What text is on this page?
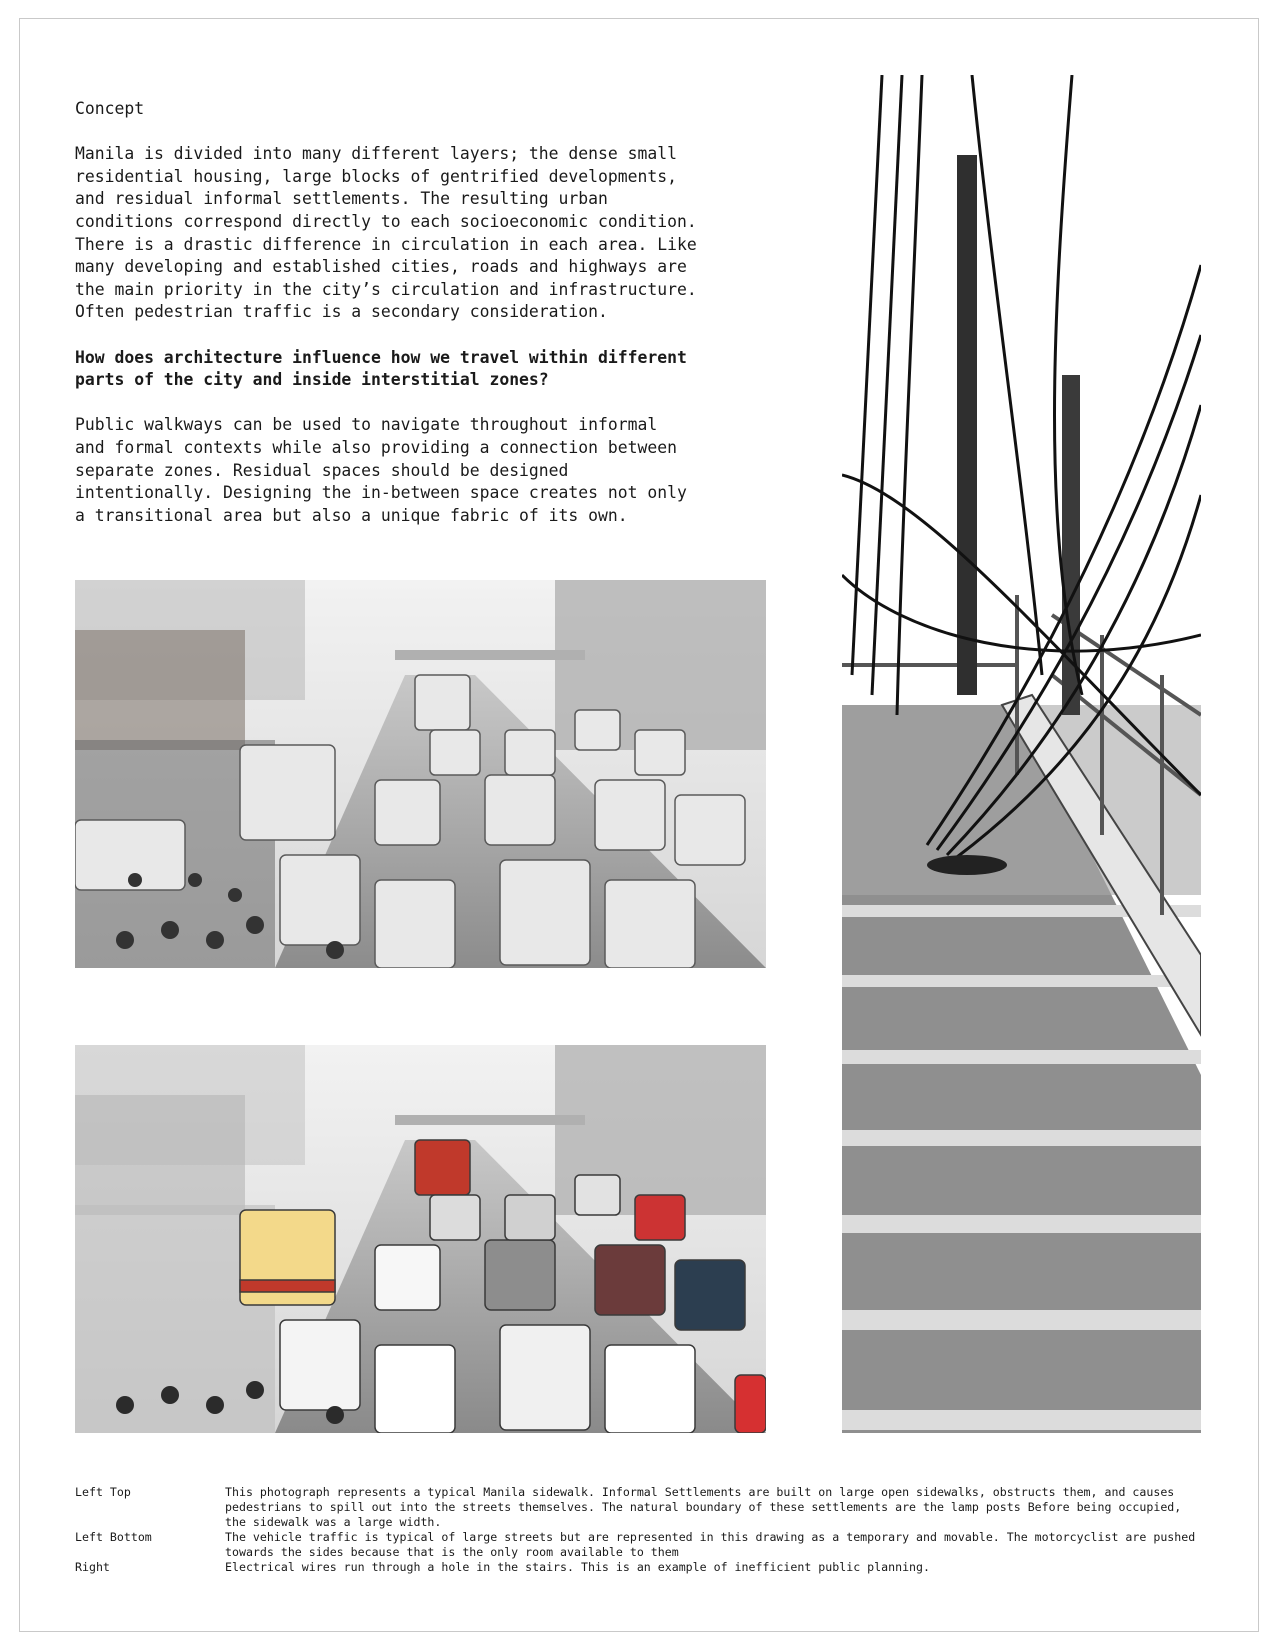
Concept

Manila is divided into many different layers; the dense small
residential housing, large blocks of gentrified developments,
and residual informal settlements. The resulting urban
conditions correspond directly to each socioeconomic condition.
There is a drastic difference in circulation in each area. Like
many developing and established cities, roads and highways are
the main priority in the city’s circulation and infrastructure.
Often pedestrian traffic is a secondary consideration.

How does architecture influence how we travel within different
parts of the city and inside interstitial zones?

Public walkways can be used to navigate throughout informal
and formal contexts while also providing a connection between
separate zones. Residual spaces should be designed
intentionally. Designing the in-between space creates not only
a transitional area but also a unique fabric of its own.

Left Top	This photograph represents a typical Manila sidewalk. Informal Settlements are built on large open sidewalks, obstructs them, and causes pedestrians to spill out into the streets themselves. The natural boundary of these settlements are the lamp posts Before being occupied, the sidewalk was a large width.
Left Bottom	The vehicle traffic is typical of large streets but are represented in this drawing as a temporary and movable. The motorcyclist are pushed towards the sides because that is the only room available to them
Right	Electrical wires run through a hole in the stairs. This is an example of inefficient public planning.
